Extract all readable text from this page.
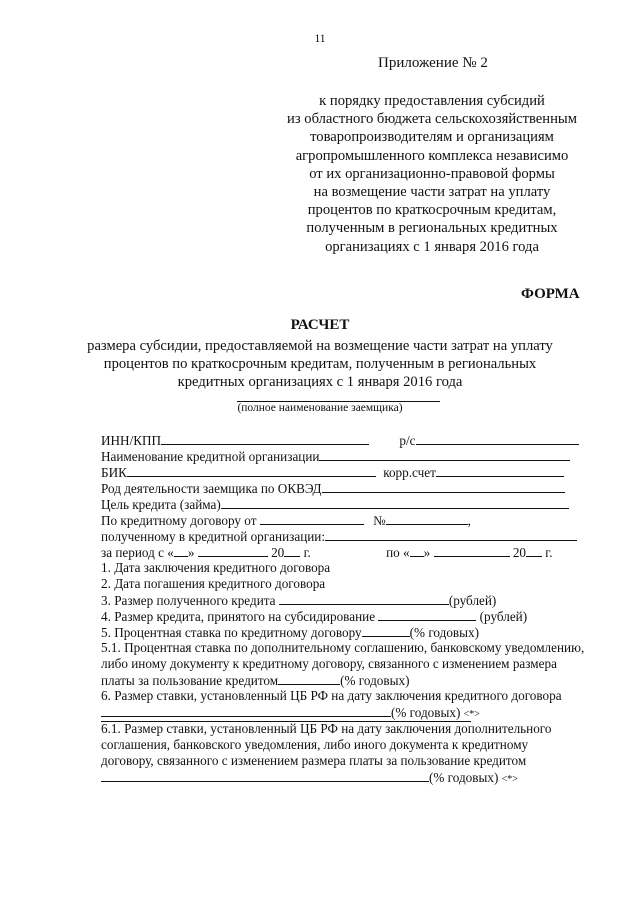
11
Приложение № 2
к порядку предоставления субсидий
из областного бюджета сельскохозяйственным
товаропроизводителям и организациям
агропромышленного комплекса независимо
от их организационно-правовой формы
на возмещение части затрат на уплату
процентов по краткосрочным кредитам,
полученным в региональных кредитных
организациях с 1 января 2016 года
ФОРМА
РАСЧЕТ
размера субсидии, предоставляемой на возмещение части затрат на уплату
процентов по краткосрочным кредитам, полученным в региональных
кредитных организациях с 1 января 2016 года
(полное наименование заемщика)
ИНН/КПП	р/с
Наименование кредитной организации
БИК	корр.счет
Род деятельности заемщика по ОКВЭД
Цель кредита (займа)
По кредитному договору от	№	,
полученному в кредитной организации:
за период с « »	20 г.	по « »	20 г.
1. Дата заключения кредитного договора
2. Дата погашения кредитного договора
3. Размер полученного кредита	(рублей)
4. Размер кредита, принятого на субсидирование	(рублей)
5. Процентная ставка по кредитному договору	(% годовых)
5.1. Процентная ставка по дополнительному соглашению, банковскому уведомлению,
либо иному документу к кредитному договору, связанного с изменением размера
платы за пользование кредитом	(% годовых)
6. Размер ставки, установленный ЦБ РФ на дату заключения кредитного договора
(% годовых) <*>
6.1. Размер ставки, установленный ЦБ РФ на дату заключения дополнительного
соглашения, банковского уведомления, либо иного документа к кредитному
договору, связанного с изменением размера платы за пользование кредитом
(% годовых) <*>
